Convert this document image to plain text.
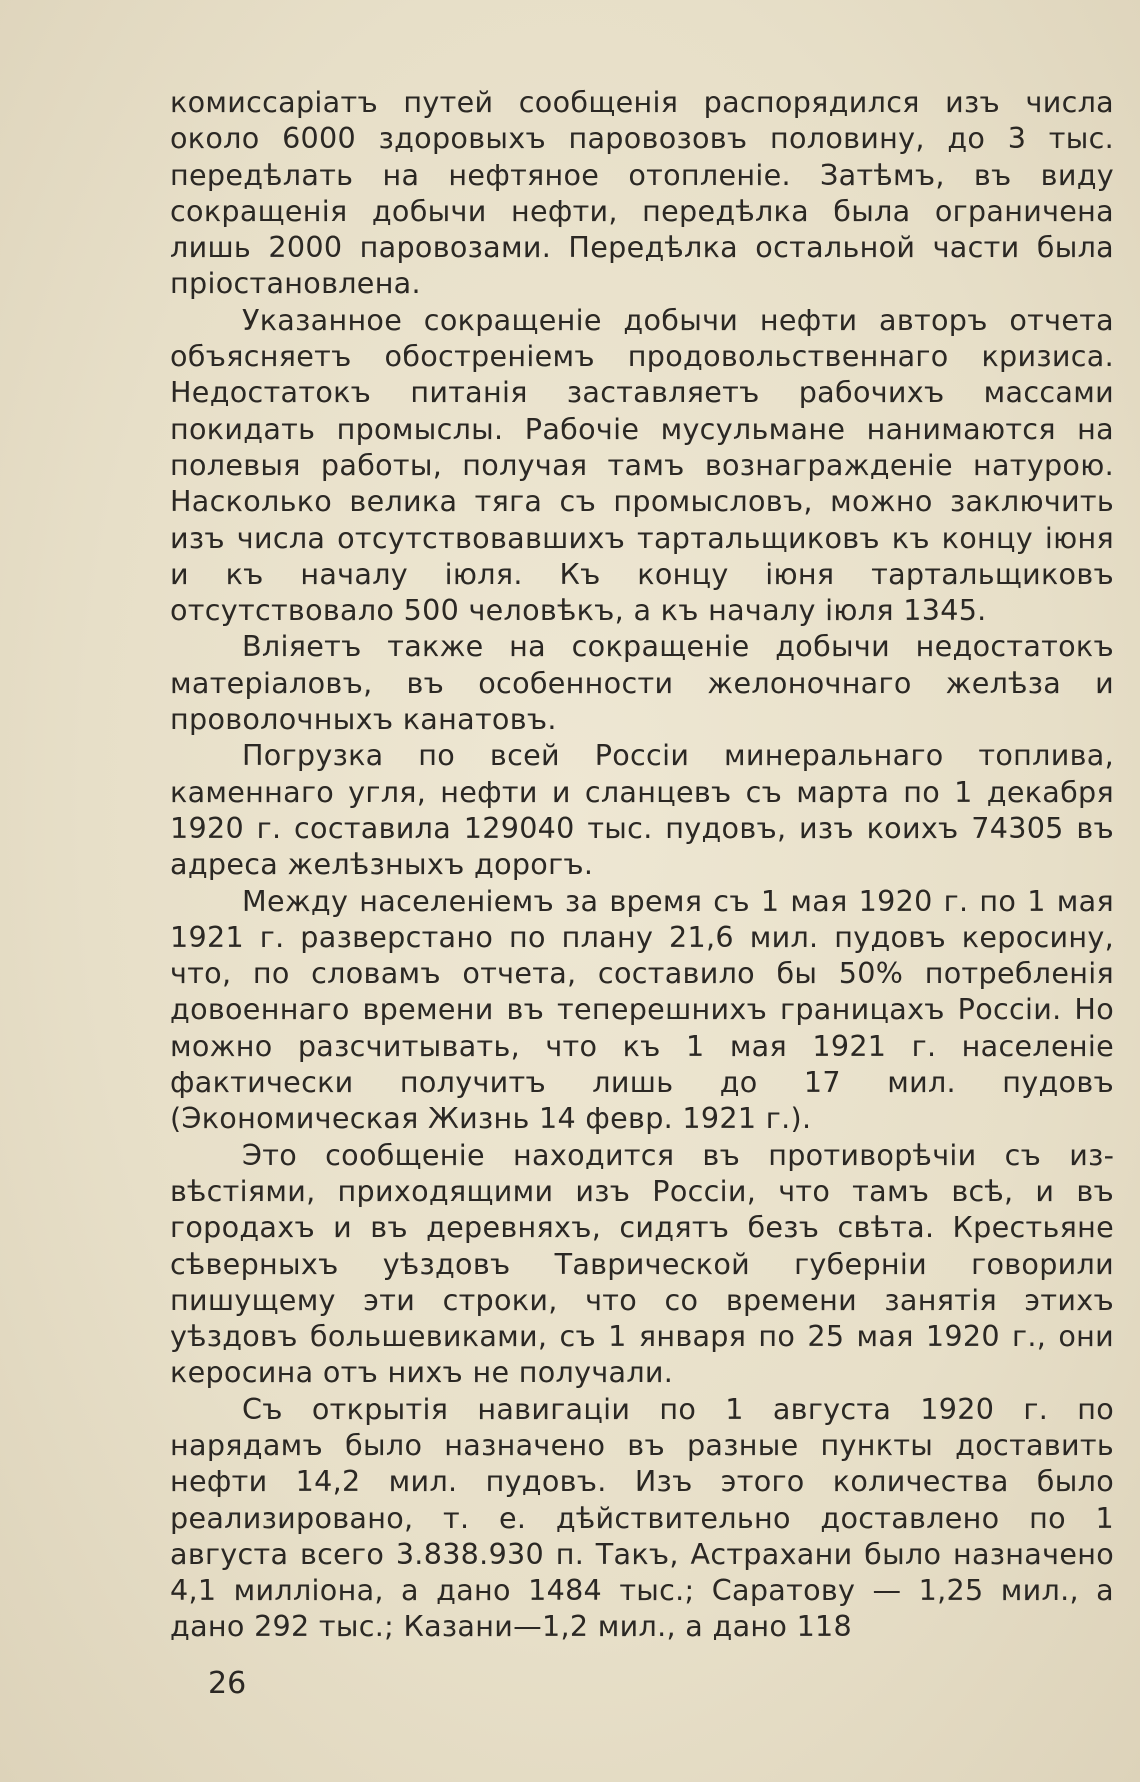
комиссаріатъ путей сообщенія распорядился изъ числа около 6000 здоровыхъ паровозовъ половину, до 3 тыс. передѣлать на нефтяное отопленіе. Затѣмъ, въ виду сокращенія добычи нефти, передѣлка была ограничена лишь 2000 паровозами. Передѣлка остальной части была пріостановлена.

Указанное сокращеніе добычи нефти авторъ отчета объясняетъ обостреніемъ продовольственнаго кризиса. Недостатокъ питанія заставляетъ рабочихъ массами покидать промыслы. Рабочіе мусульмане нанимаются на полевыя работы, получая тамъ вознагражденіе натурою. Насколько велика тяга съ промысловъ, можно заключить изъ числа отсутствовавшихъ тартальщиковъ къ концу іюня и къ началу іюля. Къ концу іюня тартальщиковъ отсутствовало 500 человѣкъ, а къ началу іюля 1345.

Вліяетъ также на сокращеніе добычи недостатокъ матеріаловъ, въ особенности желоночнаго желѣза и проволочныхъ канатовъ.

Погрузка по всей Россіи минеральнаго топлива, каменнаго угля, нефти и сланцевъ съ марта по 1 декабря 1920 г. составила 129040 тыс. пудовъ, изъ коихъ 74305 въ адреса желѣзныхъ дорогъ.

Между населеніемъ за время съ 1 мая 1920 г. по 1 мая 1921 г. разверстано по плану 21,6 мил. пудовъ керосину, что, по словамъ отчета, составило бы 50% потребленія довоеннаго времени въ теперешнихъ границахъ Россіи. Но можно разсчитывать, что къ 1 мая 1921 г. населеніе фактически получитъ лишь до 17 мил. пудовъ (Экономическая Жизнь 14 февр. 1921 г.).

Это сообщеніе находится въ противорѣчіи съ извѣстіями, приходящими изъ Россіи, что тамъ всѣ, и въ городахъ и въ деревняхъ, сидятъ безъ свѣта. Крестьяне сѣверныхъ уѣздовъ Таврической губерніи говорили пишущему эти строки, что со времени занятія этихъ уѣздовъ большевиками, съ 1 января по 25 мая 1920 г., они керосина отъ нихъ не получали.

Съ открытія навигаціи по 1 августа 1920 г. по нарядамъ было назначено въ разные пункты доставить нефти 14,2 мил. пудовъ. Изъ этого количества было реализировано, т. е. дѣйствительно доставлено по 1 августа всего 3.838.930 п. Такъ, Астрахани было назначено 4,1 милліона, а дано 1484 тыс.; Саратову — 1,25 мил., а дано 292 тыс.; Казани—1,2 мил., а дано 118

26
